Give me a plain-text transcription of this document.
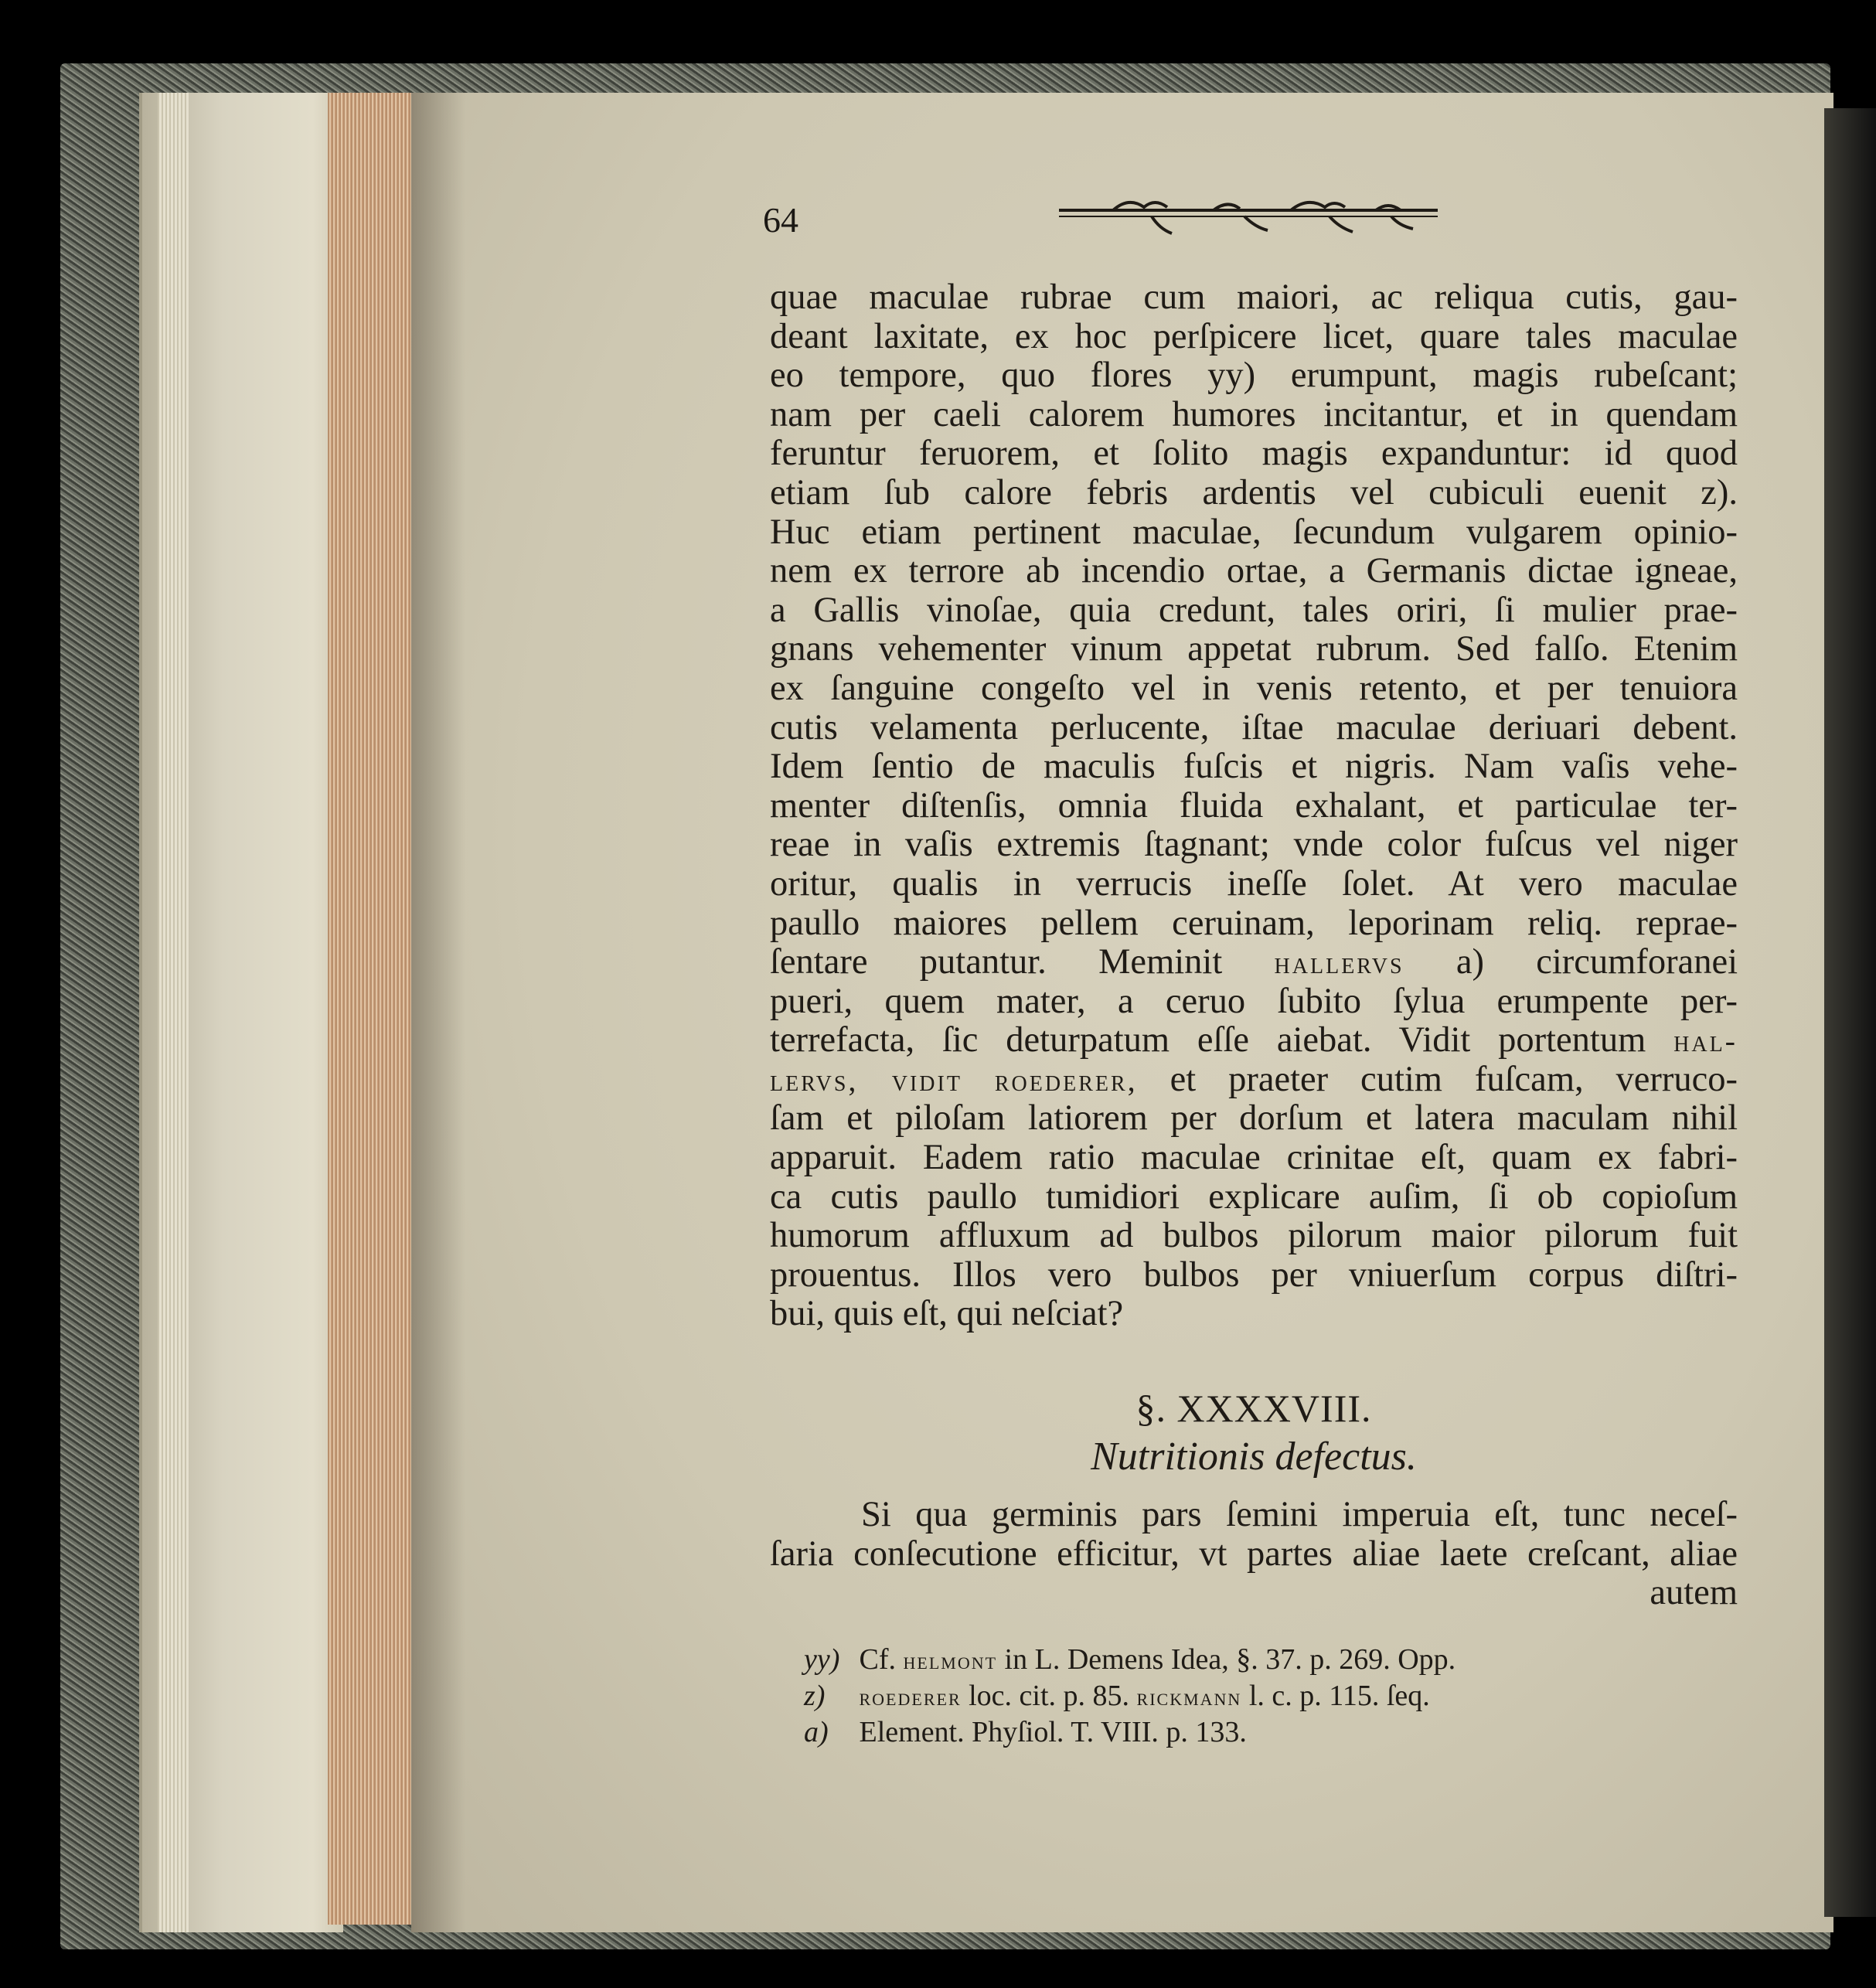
64
quae maculae rubrae cum maiori, ac reliqua cutis, gau-
deant laxitate, ex hoc perſpicere licet, quare tales maculae
eo tempore, quo flores yy) erumpunt, magis rubeſcant;
nam per caeli calorem humores incitantur, et in quendam
feruntur feruorem, et ſolito magis expanduntur: id quod
etiam ſub calore febris ardentis vel cubiculi euenit z).
Huc etiam pertinent maculae, ſecundum vulgarem opinio-
nem ex terrore ab incendio ortae, a Germanis dictae igneae,
a Gallis vinoſae, quia credunt, tales oriri, ſi mulier prae-
gnans vehementer vinum appetat rubrum. Sed falſo. Etenim
ex ſanguine congeſto vel in venis retento, et per tenuiora
cutis velamenta perlucente, iſtae maculae deriuari debent.
Idem ſentio de maculis fuſcis et nigris. Nam vaſis vehe-
menter diſtenſis, omnia fluida exhalant, et particulae ter-
reae in vaſis extremis ſtagnant; vnde color fuſcus vel niger
oritur, qualis in verrucis ineſſe ſolet. At vero maculae
paullo maiores pellem ceruinam, leporinam reliq. reprae-
ſentare putantur. Meminit hallervs a) circumforanei
pueri, quem mater, a ceruo ſubito ſylua erumpente per-
terrefacta, ſic deturpatum eſſe aiebat. Vidit portentum hal-
lervs, vidit roederer, et praeter cutim fuſcam, verruco-
ſam et piloſam latiorem per dorſum et latera maculam nihil
apparuit. Eadem ratio maculae crinitae eſt, quam ex fabri-
ca cutis paullo tumidiori explicare auſim, ſi ob copioſum
humorum affluxum ad bulbos pilorum maior pilorum fuit
prouentus. Illos vero bulbos per vniuerſum corpus diſtri-
bui, quis eſt, qui neſciat?
§. XXXXVIII.
Nutritionis defectus.
Si qua germinis pars ſemini imperuia eſt, tunc neceſ-
ſaria conſecutione efficitur, vt partes aliae laete creſcant, aliae
autem
yy) Cf. helmont in L. Demens Idea, §. 37. p. 269. Opp.
z) roederer loc. cit. p. 85. rickmann l. c. p. 115. ſeq.
a) Element. Phyſiol. T. VIII. p. 133.
